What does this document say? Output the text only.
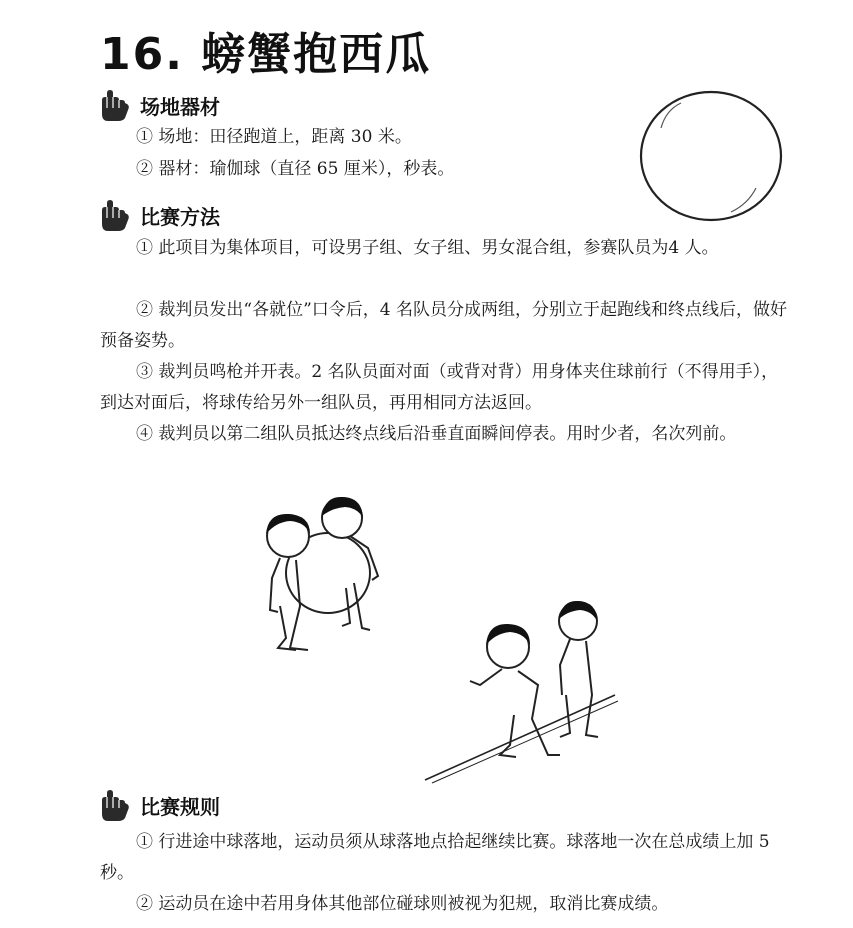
16. 螃蟹抱西瓜
场地器材

① 场地：田径跑道上，距离 30 米。

② 器材：瑜伽球（直径 65 厘米），秒表。

比赛方法

① 此项目为集体项目，可设男子组、女子组、男女混合组，参赛队员为4 人。

② 裁判员发出“各就位”口令后，4 名队员分成两组，分别立于起跑线和终点线后，做好预备姿势。

③ 裁判员鸣枪并开表。2 名队员面对面（或背对背）用身体夹住球前行（不得用手），到达对面后，将球传给另外一组队员，再用相同方法返回。

④ 裁判员以第二组队员抵达终点线后沿垂直面瞬间停表。用时少者，名次列前。

比赛规则

① 行进途中球落地，运动员须从球落地点拾起继续比赛。球落地一次在总成绩上加 5 秒。

② 运动员在途中若用身体其他部位碰球则被视为犯规，取消比赛成绩。
